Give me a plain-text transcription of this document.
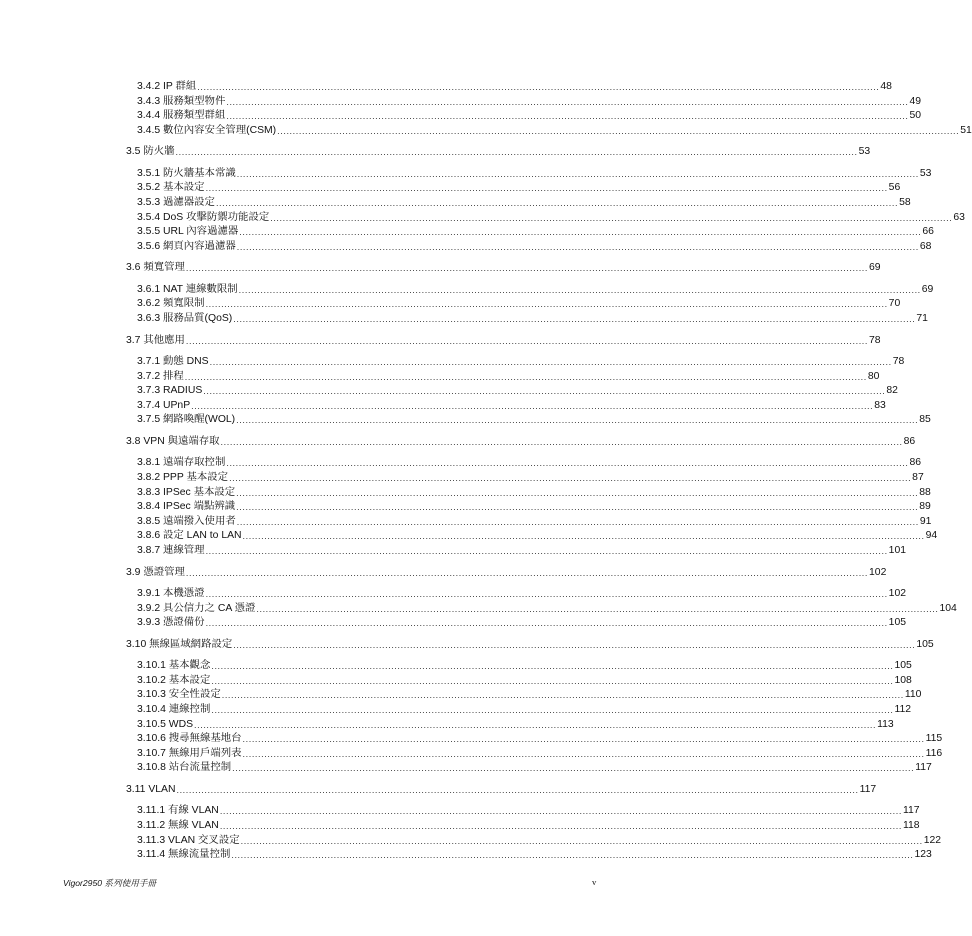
3.4.2 IP 群組 ............................................................................................................................................................................................................................ 48
3.4.3 服務類型物件 ............................................................................................................................................................................................................................ 49
3.4.4 服務類型群組 ............................................................................................................................................................................................................................ 50
3.4.5 數位內容安全管理(CSM) ............................................................................................................................................................................................................................ 51
3.5 防火牆 ............................................................................................................................................................................................................................ 53
3.5.1 防火牆基本常識 ............................................................................................................................................................................................................................ 53
3.5.2 基本設定 ............................................................................................................................................................................................................................ 56
3.5.3 過濾器設定 ............................................................................................................................................................................................................................ 58
3.5.4 DoS 攻擊防禦功能設定 ............................................................................................................................................................................................................................ 63
3.5.5 URL 內容過濾器 ............................................................................................................................................................................................................................ 66
3.5.6 網頁內容過濾器 ............................................................................................................................................................................................................................ 68
3.6 頻寬管理 ............................................................................................................................................................................................................................ 69
3.6.1 NAT 連線數限制 ............................................................................................................................................................................................................................ 69
3.6.2 頻寬限制 ............................................................................................................................................................................................................................ 70
3.6.3 服務品質(QoS) ............................................................................................................................................................................................................................ 71
3.7 其他應用 ............................................................................................................................................................................................................................ 78
3.7.1 動態 DNS ............................................................................................................................................................................................................................ 78
3.7.2 排程 ............................................................................................................................................................................................................................ 80
3.7.3 RADIUS ............................................................................................................................................................................................................................ 82
3.7.4 UPnP ............................................................................................................................................................................................................................ 83
3.7.5 網路喚醒(WOL) ............................................................................................................................................................................................................................ 85
3.8 VPN 與遠端存取 ............................................................................................................................................................................................................................ 86
3.8.1 遠端存取控制 ............................................................................................................................................................................................................................ 86
3.8.2 PPP 基本設定 ............................................................................................................................................................................................................................ 87
3.8.3 IPSec 基本設定 ............................................................................................................................................................................................................................ 88
3.8.4 IPSec 端點辨識 ............................................................................................................................................................................................................................ 89
3.8.5 遠端撥入使用者 ............................................................................................................................................................................................................................ 91
3.8.6 設定 LAN to LAN ............................................................................................................................................................................................................................ 94
3.8.7 連線管理 ............................................................................................................................................................................................................................ 101
3.9 憑證管理 ............................................................................................................................................................................................................................ 102
3.9.1 本機憑證 ............................................................................................................................................................................................................................ 102
3.9.2 具公信力之 CA 憑證 ............................................................................................................................................................................................................................ 104
3.9.3 憑證備份 ............................................................................................................................................................................................................................ 105
3.10 無線區域網路設定 ............................................................................................................................................................................................................................ 105
3.10.1 基本觀念 ............................................................................................................................................................................................................................ 105
3.10.2 基本設定 ............................................................................................................................................................................................................................ 108
3.10.3 安全性設定 ............................................................................................................................................................................................................................ 110
3.10.4 連線控制 ............................................................................................................................................................................................................................ 112
3.10.5 WDS ............................................................................................................................................................................................................................ 113
3.10.6 搜尋無線基地台 ............................................................................................................................................................................................................................ 115
3.10.7 無線用戶端列表 ............................................................................................................................................................................................................................ 116
3.10.8 站台流量控制 ............................................................................................................................................................................................................................ 117
3.11 VLAN ............................................................................................................................................................................................................................ 117
3.11.1 有線 VLAN ............................................................................................................................................................................................................................ 117
3.11.2 無線 VLAN ............................................................................................................................................................................................................................ 118
3.11.3 VLAN 交叉設定 ............................................................................................................................................................................................................................ 122
3.11.4 無線流量控制 ............................................................................................................................................................................................................................ 123
Vigor2950 系列使用手冊	v
